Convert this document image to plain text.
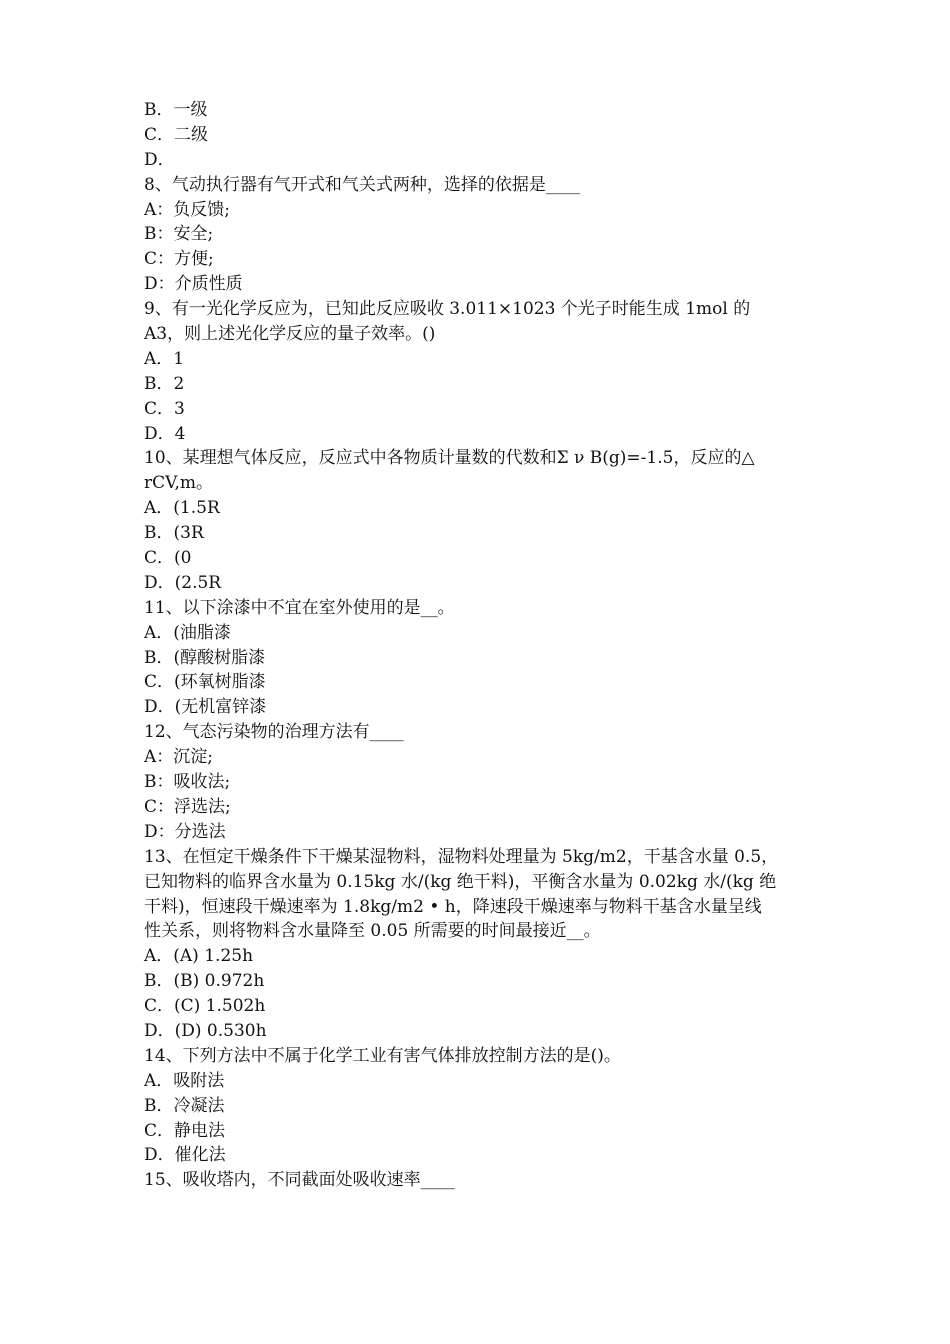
B．一级
C．二级
D．
8、气动执行器有气开式和气关式两种，选择的依据是____
A：负反馈;
B：安全;
C：方便;
D：介质性质
9、有一光化学反应为，已知此反应吸收 3.011×1023 个光子时能生成 1mol 的
A3，则上述光化学反应的量子效率。()
A．1
B．2
C．3
D．4
10、某理想气体反应，反应式中各物质计量数的代数和Σ ν B(g)=-1.5，反应的△
rCV,m。
A．(1.5R
B．(3R
C．(0
D．(2.5R
11、以下涂漆中不宜在室外使用的是__。
A．(油脂漆
B．(醇酸树脂漆
C．(环氧树脂漆
D．(无机富锌漆
12、气态污染物的治理方法有____
A：沉淀;
B：吸收法;
C：浮选法;
D：分选法
13、在恒定干燥条件下干燥某湿物料，湿物料处理量为 5kg/m2，干基含水量 0.5，
已知物料的临界含水量为 0.15kg 水/(kg 绝干料)，平衡含水量为 0.02kg 水/(kg 绝
干料)，恒速段干燥速率为 1.8kg/m2 • h，降速段干燥速率与物料干基含水量呈线
性关系，则将物料含水量降至 0.05 所需要的时间最接近__。
A．(A) 1.25h
B．(B) 0.972h
C．(C) 1.502h
D．(D) 0.530h
14、下列方法中不属于化学工业有害气体排放控制方法的是()。
A．吸附法
B．冷凝法
C．静电法
D．催化法
15、吸收塔内，不同截面处吸收速率____
